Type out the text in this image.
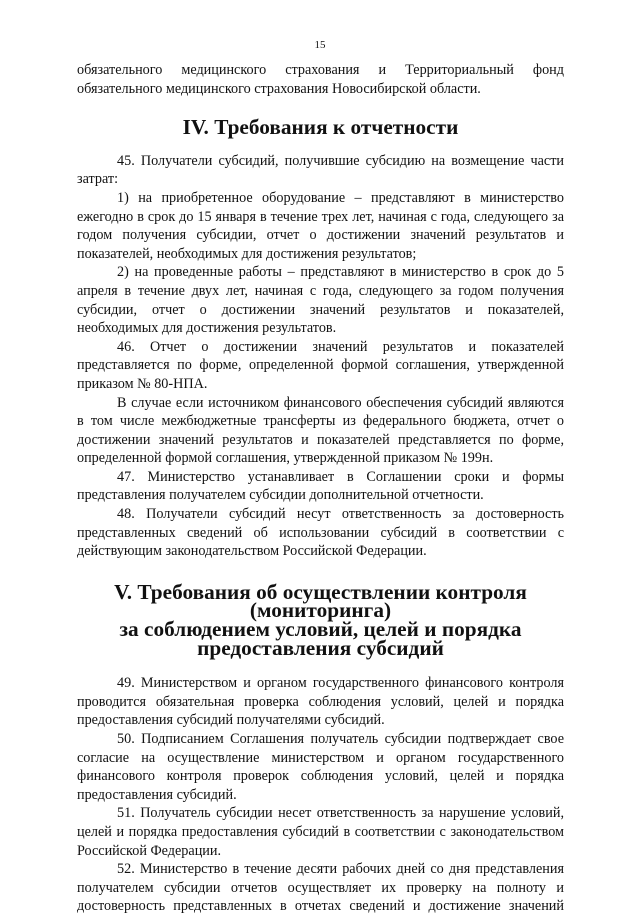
15

обязательного медицинского страхования и Территориальный фонд

обязательного медицинского страхования Новосибирской области.

IV. Требования к отчетности

45. Получатели субсидий, получившие субсидию на возмещение части затрат:

1) на приобретенное оборудование – представляют в министерство ежегодно в срок до 15 января в течение трех лет, начиная с года, следующего за годом получения субсидии, отчет о достижении значений результатов и показателей, необходимых для достижения результатов;

2) на проведенные работы – представляют в министерство в срок до 5 апреля в течение двух лет, начиная с года, следующего за годом получения субсидии, отчет о достижении значений результатов и показателей, необходимых для достижения результатов.

46. Отчет о достижении значений результатов и показателей представляется по форме, определенной формой соглашения, утвержденной приказом № 80-НПА.

В случае если источником финансового обеспечения субсидий являются в том числе межбюджетные трансферты из федерального бюджета, отчет о достижении значений результатов и показателей представляется по форме, определенной формой соглашения, утвержденной приказом № 199н.

47. Министерство устанавливает в Соглашении сроки и формы представления получателем субсидии дополнительной отчетности.

48. Получатели субсидий несут ответственность за достоверность представленных сведений об использовании субсидий в соответствии с действующим законодательством Российской Федерации.

V. Требования об осуществлении контроля (мониторинга)
за соблюдением условий, целей и порядка предоставления субсидий

49. Министерством и органом государственного финансового контроля проводится обязательная проверка соблюдения условий, целей и порядка предоставления субсидий получателями субсидий.

50. Подписанием Соглашения получатель субсидии подтверждает свое согласие на осуществление министерством и органом государственного финансового контроля проверок соблюдения условий, целей и порядка предоставления субсидий.

51. Получатель субсидии несет ответственность за нарушение условий, целей и порядка предоставления субсидий в соответствии с законодательством Российской Федерации.

52. Министерство в течение десяти рабочих дней со дня представления получателем субсидии отчетов осуществляет их проверку на полноту и достоверность представленных в отчетах сведений и достижение значений
